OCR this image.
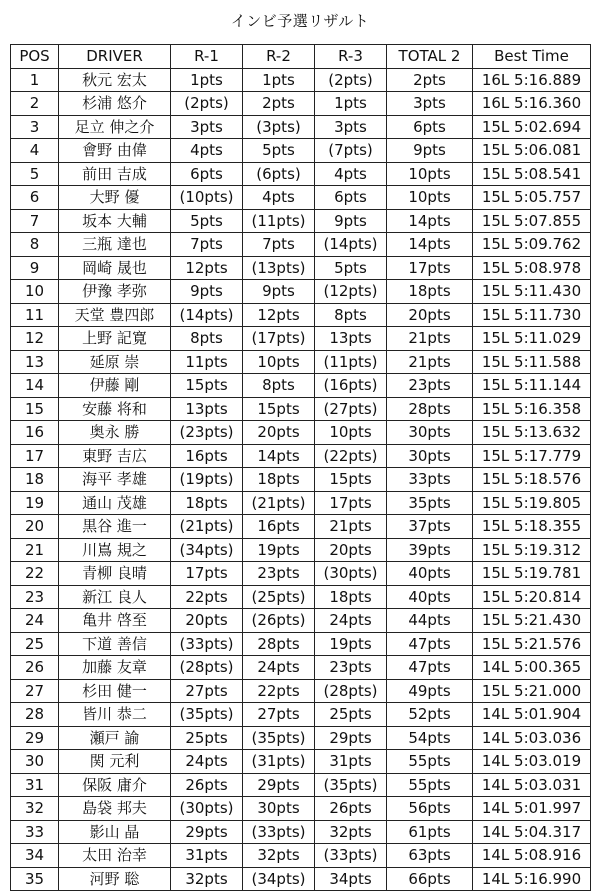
インビ予選リザルト
POS	DRIVER	R-1	R-2	R-3	TOTAL 2	Best Time
1	秋元 宏太	1pts	1pts	(2pts)	2pts	16L 5:16.889
2	杉浦 悠介	(2pts)	2pts	1pts	3pts	16L 5:16.360
3	足立 伸之介	3pts	(3pts)	3pts	6pts	15L 5:02.694
4	會野 由偉	4pts	5pts	(7pts)	9pts	15L 5:06.081
5	前田 吉成	6pts	(6pts)	4pts	10pts	15L 5:08.541
6	大野 優	(10pts)	4pts	6pts	10pts	15L 5:05.757
7	坂本 大輔	5pts	(11pts)	9pts	14pts	15L 5:07.855
8	三瓶 達也	7pts	7pts	(14pts)	14pts	15L 5:09.762
9	岡崎 晟也	12pts	(13pts)	5pts	17pts	15L 5:08.978
10	伊豫 孝弥	9pts	9pts	(12pts)	18pts	15L 5:11.430
11	天堂 豊四郎	(14pts)	12pts	8pts	20pts	15L 5:11.730
12	上野 記寛	8pts	(17pts)	13pts	21pts	15L 5:11.029
13	延原 崇	11pts	10pts	(11pts)	21pts	15L 5:11.588
14	伊藤 剛	15pts	8pts	(16pts)	23pts	15L 5:11.144
15	安藤 将和	13pts	15pts	(27pts)	28pts	15L 5:16.358
16	奥永 勝	(23pts)	20pts	10pts	30pts	15L 5:13.632
17	東野 吉広	16pts	14pts	(22pts)	30pts	15L 5:17.779
18	海平 孝雄	(19pts)	18pts	15pts	33pts	15L 5:18.576
19	通山 茂雄	18pts	(21pts)	17pts	35pts	15L 5:19.805
20	黒谷 進一	(21pts)	16pts	21pts	37pts	15L 5:18.355
21	川嶌 規之	(34pts)	19pts	20pts	39pts	15L 5:19.312
22	青柳 良晴	17pts	23pts	(30pts)	40pts	15L 5:19.781
23	新江 良人	22pts	(25pts)	18pts	40pts	15L 5:20.814
24	亀井 啓至	20pts	(26pts)	24pts	44pts	15L 5:21.430
25	下道 善信	(33pts)	28pts	19pts	47pts	15L 5:21.576
26	加藤 友章	(28pts)	24pts	23pts	47pts	14L 5:00.365
27	杉田 健一	27pts	22pts	(28pts)	49pts	15L 5:21.000
28	皆川 恭二	(35pts)	27pts	25pts	52pts	14L 5:01.904
29	瀬戸 諭	25pts	(35pts)	29pts	54pts	14L 5:03.036
30	関 元利	24pts	(31pts)	31pts	55pts	14L 5:03.019
31	保阪 庸介	26pts	29pts	(35pts)	55pts	14L 5:03.031
32	島袋 邦夫	(30pts)	30pts	26pts	56pts	14L 5:01.997
33	影山 晶	29pts	(33pts)	32pts	61pts	14L 5:04.317
34	太田 治幸	31pts	32pts	(33pts)	63pts	14L 5:08.916
35	河野 聡	32pts	(34pts)	34pts	66pts	14L 5:16.990
